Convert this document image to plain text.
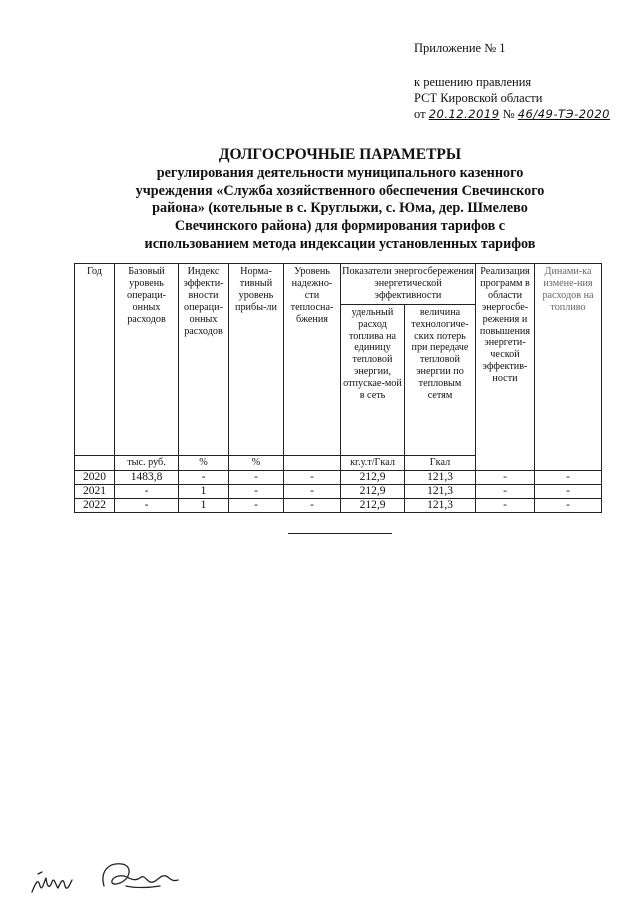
Приложение № 1
к решению правления
РСТ Кировской области
от 20.12.2019 № 46/49-ТЭ-2020
ДОЛГОСРОЧНЫЕ ПАРАМЕТРЫ
регулирования деятельности муниципального казенного
учреждения «Служба хозяйственного обеспечения Свечинского
района» (котельные в с. Круглыжи, с. Юма, дер. Шмелево
Свечинского района) для формирования тарифов с
использованием метода индексации установленных тарифов
Год	Базовый уровень операци-онных расходов	Индекс эффекти-вности операци-онных расходов	Норма-тивный уровень прибы-ли	Уровень надежно-сти теплосна-бжения	Показатели энергосбережения энергетической эффективности		Реализация программ в области энергосбе-режения и повышения энергети-ческой эффектив-ности	Динами-ка измене-ния расходов на топливо
					удельный расход топлива на единицу тепловой энергии, отпускае-мой в сеть	величина технологиче-ских потерь при передаче тепловой энергии по тепловым сетям		
	тыс. руб.	%	%		кг.у.т/Гкал	Гкал		
2020	1483,8	-	-	-	212,9	121,3	-	-
2021	-	1	-	-	212,9	121,3	-	-
2022	-	1	-	-	212,9	121,3	-	-
